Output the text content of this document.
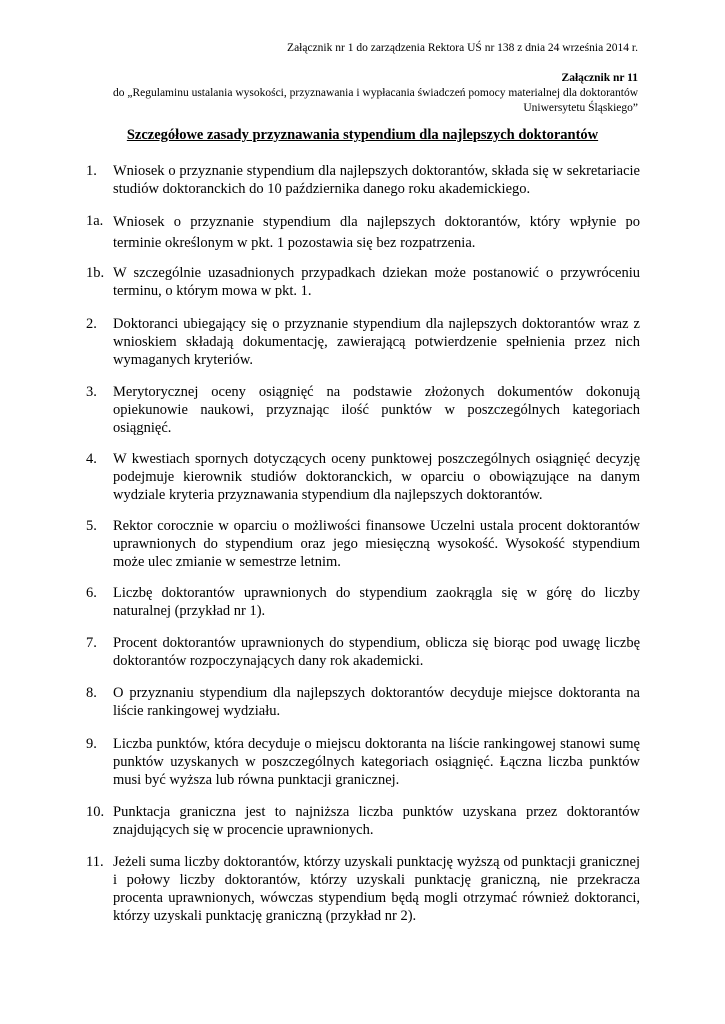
Załącznik nr 1 do zarządzenia Rektora UŚ nr 138 z dnia 24 września 2014 r.
Załącznik nr 11
do „Regulaminu ustalania wysokości, przyznawania i wypłacania świadczeń pomocy materialnej dla doktorantów Uniwersytetu Śląskiego”
Szczegółowe zasady przyznawania stypendium dla najlepszych doktorantów
1. Wniosek o przyznanie stypendium dla najlepszych doktorantów, składa się w sekretariacie studiów doktoranckich do 10 października danego roku akademickiego.
1a. Wniosek o przyznanie stypendium dla najlepszych doktorantów, który wpłynie po terminie określonym w pkt. 1 pozostawia się bez rozpatrzenia.
1b. W szczególnie uzasadnionych przypadkach dziekan może postanowić o przywróceniu terminu, o którym mowa w pkt. 1.
2. Doktoranci ubiegający się o przyznanie stypendium dla najlepszych doktorantów wraz z wnioskiem składają dokumentację, zawierającą potwierdzenie spełnienia przez nich wymaganych kryteriów.
3. Merytorycznej oceny osiągnięć na podstawie złożonych dokumentów dokonują opiekunowie naukowi, przyznając ilość punktów w poszczególnych kategoriach osiągnięć.
4. W kwestiach spornych dotyczących oceny punktowej poszczególnych osiągnięć decyzję podejmuje kierownik studiów doktoranckich, w oparciu o obowiązujące na danym wydziale kryteria przyznawania stypendium dla najlepszych doktorantów.
5. Rektor corocznie w oparciu o możliwości finansowe Uczelni ustala procent doktorantów uprawnionych do stypendium oraz jego miesięczną wysokość. Wysokość stypendium może ulec zmianie w semestrze letnim.
6. Liczbę doktorantów uprawnionych do stypendium zaokrągla się w górę do liczby naturalnej (przykład nr 1).
7. Procent doktorantów uprawnionych do stypendium, oblicza się biorąc pod uwagę liczbę doktorantów rozpoczynających dany rok akademicki.
8. O przyznaniu stypendium dla najlepszych doktorantów decyduje miejsce doktoranta na liście rankingowej wydziału.
9. Liczba punktów, która decyduje o miejscu doktoranta na liście rankingowej stanowi sumę punktów uzyskanych w poszczególnych kategoriach osiągnięć. Łączna liczba punktów musi być wyższa lub równa punktacji granicznej.
10. Punktacja graniczna jest to najniższa liczba punktów uzyskana przez doktorantów znajdujących się w procencie uprawnionych.
11. Jeżeli suma liczby doktorantów, którzy uzyskali punktację wyższą od punktacji granicznej i połowy liczby doktorantów, którzy uzyskali punktację graniczną, nie przekracza procenta uprawnionych, wówczas stypendium będą mogli otrzymać również doktoranci, którzy uzyskali punktację graniczną (przykład nr 2).
